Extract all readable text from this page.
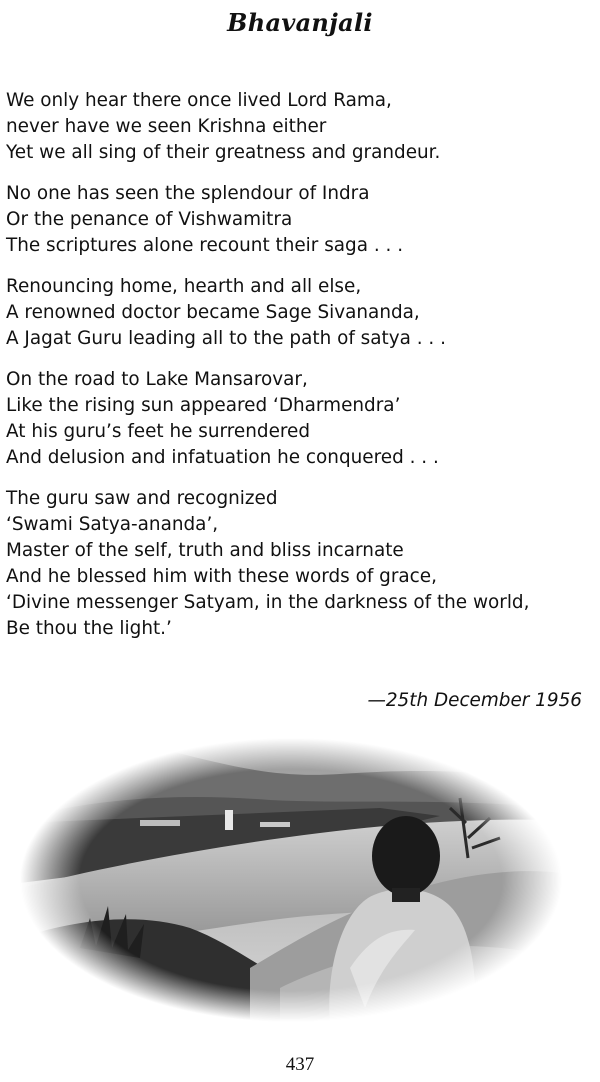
Bhavanjali
We only hear there once lived Lord Rama,
never have we seen Krishna either
Yet we all sing of their greatness and grandeur.
No one has seen the splendour of Indra
Or the penance of Vishwamitra
The scriptures alone recount their saga . . .
Renouncing home, hearth and all else,
A renowned doctor became Sage Sivananda,
A Jagat Guru leading all to the path of satya . . .
On the road to Lake Mansarovar,
Like the rising sun appeared ‘Dharmendra’
At his guru’s feet he surrendered
And delusion and infatuation he conquered . . .
The guru saw and recognized
‘Swami Satya-ananda’,
Master of the self, truth and bliss incarnate
And he blessed him with these words of grace,
‘Divine messenger Satyam, in the darkness of the world,
Be thou the light.’
—25th December 1956
437
